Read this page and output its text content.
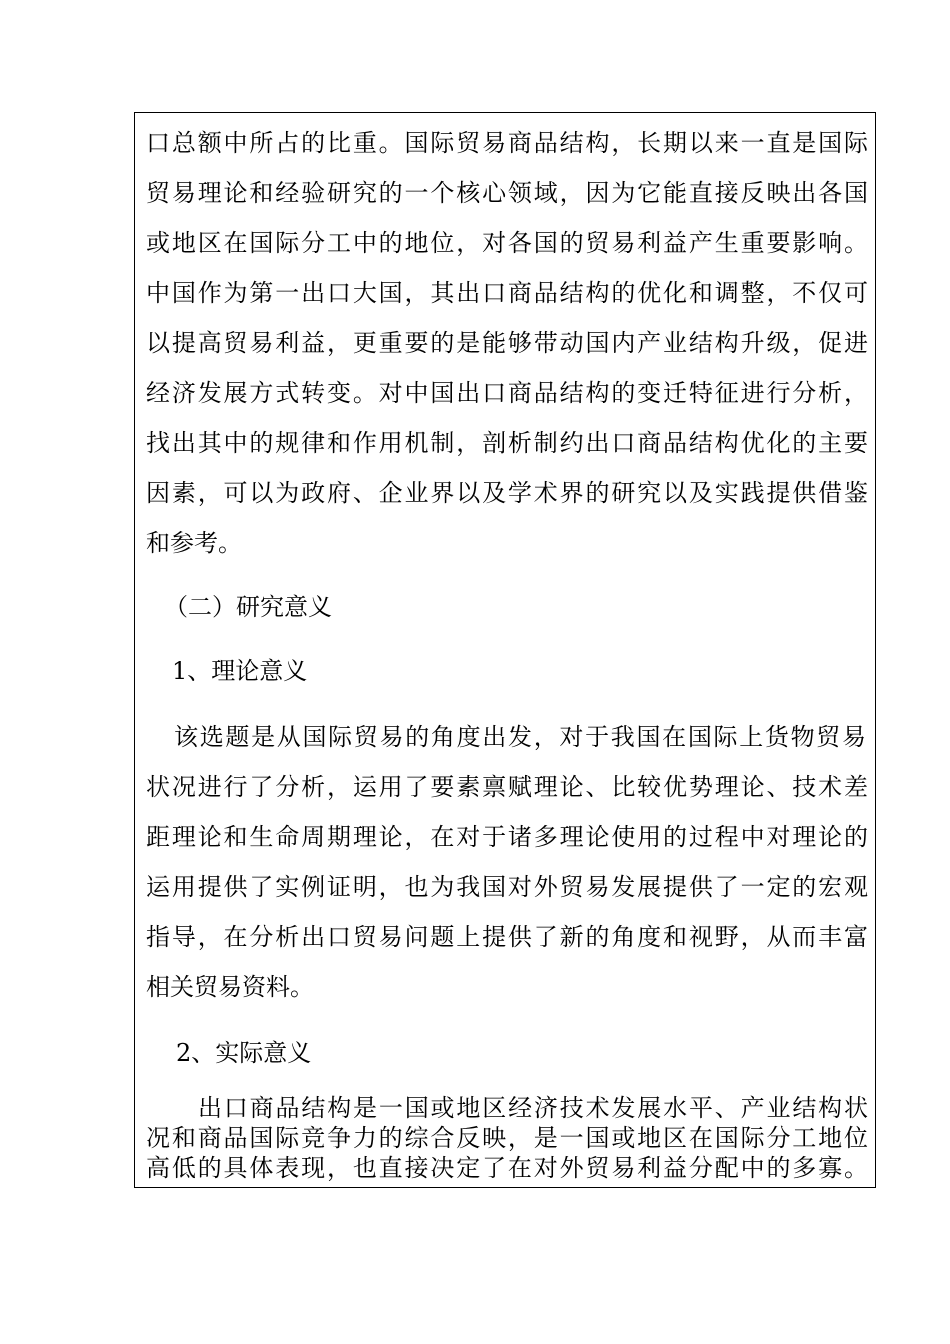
口总额中所占的比重。国际贸易商品结构，长期以来一直是国际
贸易理论和经验研究的一个核心领域，因为它能直接反映出各国
或地区在国际分工中的地位，对各国的贸易利益产生重要影响。
中国作为第一出口大国，其出口商品结构的优化和调整，不仅可
以提高贸易利益，更重要的是能够带动国内产业结构升级，促进
经济发展方式转变。对中国出口商品结构的变迁特征进行分析，
找出其中的规律和作用机制，剖析制约出口商品结构优化的主要
因素，可以为政府、企业界以及学术界的研究以及实践提供借鉴
和参考。
（二）研究意义
1、理论意义
该选题是从国际贸易的角度出发，对于我国在国际上货物贸易
状况进行了分析，运用了要素禀赋理论、比较优势理论、技术差
距理论和生命周期理论，在对于诸多理论使用的过程中对理论的
运用提供了实例证明，也为我国对外贸易发展提供了一定的宏观
指导，在分析出口贸易问题上提供了新的角度和视野，从而丰富
相关贸易资料。
2、实际意义
出口商品结构是一国或地区经济技术发展水平、产业结构状
况和商品国际竞争力的综合反映，是一国或地区在国际分工地位
高低的具体表现，也直接决定了在对外贸易利益分配中的多寡。
